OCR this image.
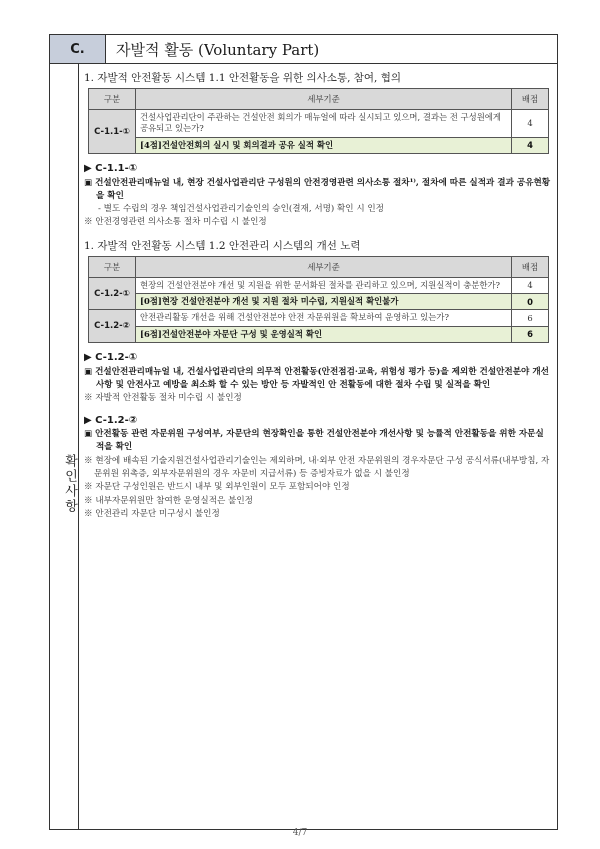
C.	자발적 활동 (Voluntary Part)
확인사항
1. 자발적 안전활동 시스템 1.1 안전활동을 위한 의사소통, 참여, 협의
구분	세부기준	배점
C-1.1-①	건설사업관리단이 주관하는 건설안전 회의가 매뉴얼에 따라 실시되고 있으며, 결과는 전 구성원에게 공유되고 있는가?	4
	[4점]건설안전회의 실시 및 회의결과 공유 실적 확인	4
▶ C-1.1-①
▣ 건설안전관리매뉴얼 내, 현장 건설사업관리단 구성원의 안전경영관련 의사소통 절차¹⁾, 절차에 따른 실적과 결과 공유현황을 확인
- 별도 수립의 경우 책임건설사업관리기술인의 승인(결재, 서명) 확인 시 인정
※ 안전경영관련 의사소통 절차 미수립 시 불인정
1. 자발적 안전활동 시스템 1.2 안전관리 시스템의 개선 노력
구분	세부기준	배점
C-1.2-①	현장의 건설안전분야 개선 및 지원을 위한 문서화된 절차를 관리하고 있으며, 지원실적이 충분한가?	4
	[0점]현장 건설안전분야 개선 및 지원 절차 미수립, 지원실적 확인불가	0
C-1.2-②	안전관리활동 개선을 위해 건설안전분야 안전 자문위원을 확보하여 운영하고 있는가?	6
	[6점]건설안전분야 자문단 구성 및 운영실적 확인	6
▶ C-1.2-①
▣ 건설안전관리매뉴얼 내, 건설사업관리단의 의무적 안전활동(안전점검·교육, 위험성 평가 등)을 제외한 건설안전분야 개선사항 및 안전사고 예방을 최소화 할 수 있는 방안 등 자발적인 안 전활동에 대한 절차 수립 및 실적을 확인
※ 자발적 안전활동 절차 미수립 시 불인정
▶ C-1.2-②
▣ 안전활동 관련 자문위원 구성여부, 자문단의 현장확인을 통한 건설안전분야 개선사항 및 능률적 안전활동을 위한 자문실적을 확인
※ 현장에 배속된 기술지원건설사업관리기술인는 제외하며, 내·외부 안전 자문위원의 경우자문단 구성 공식서류(내부방침, 자문위원 위촉증, 외부자문위원의 경우 자문비 지급서류) 등 증빙자료가 없을 시 불인정
※ 자문단 구성인원은 반드시 내부 및 외부인원이 모두 포함되어야 인정
※ 내부자문위원만 참여한 운영실적은 불인정
※ 안전관리 자문단 미구성시 불인정
4/7
